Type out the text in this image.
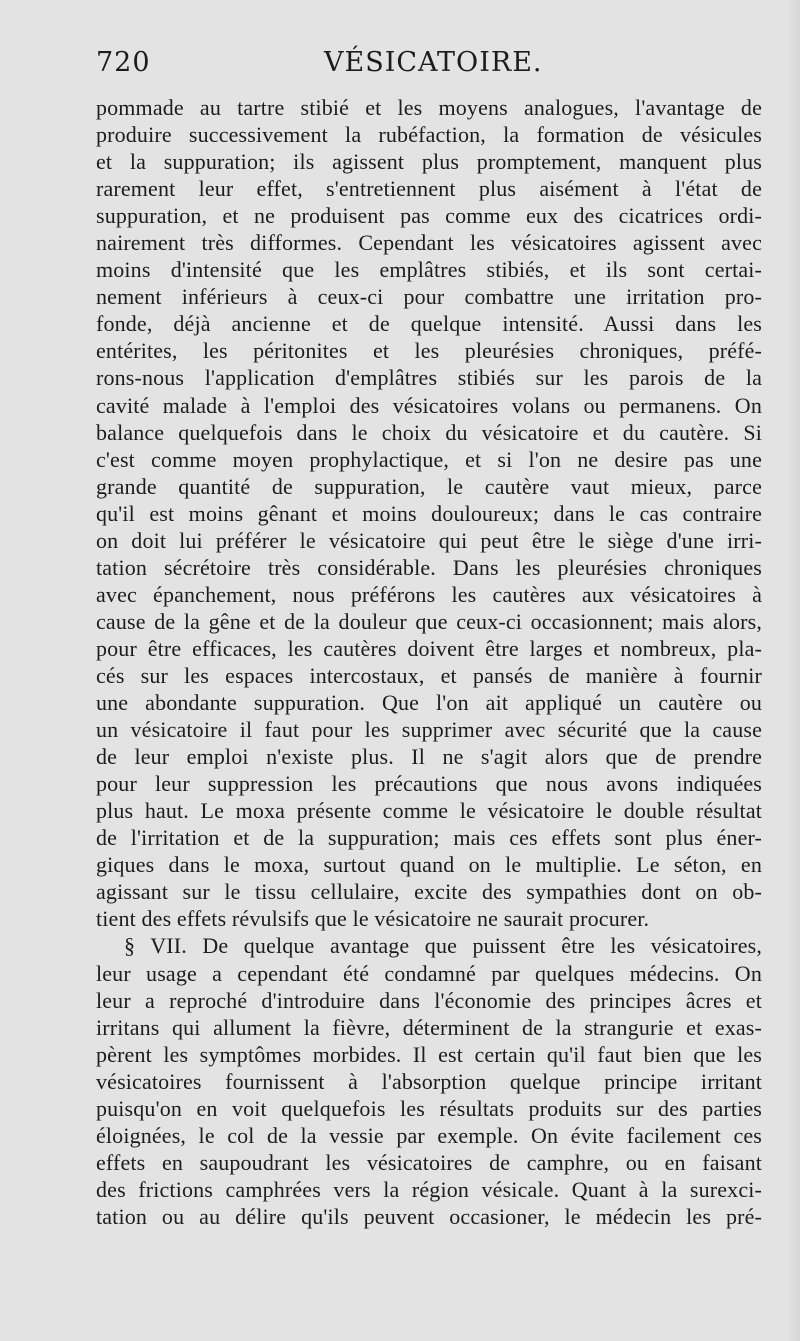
720	VÉSICATOIRE.
pommade au tartre stibié et les moyens analogues, l'avantage de
produire successivement la rubéfaction, la formation de vésicules
et la suppuration; ils agissent plus promptement, manquent plus
rarement leur effet, s'entretiennent plus aisément à l'état de
suppuration, et ne produisent pas comme eux des cicatrices ordi-
nairement très difformes. Cependant les vésicatoires agissent avec
moins d'intensité que les emplâtres stibiés, et ils sont certai-
nement inférieurs à ceux-ci pour combattre une irritation pro-
fonde, déjà ancienne et de quelque intensité. Aussi dans les
entérites, les péritonites et les pleurésies chroniques, préfé-
rons-nous l'application d'emplâtres stibiés sur les parois de la
cavité malade à l'emploi des vésicatoires volans ou permanens. On
balance quelquefois dans le choix du vésicatoire et du cautère. Si
c'est comme moyen prophylactique, et si l'on ne desire pas une
grande quantité de suppuration, le cautère vaut mieux, parce
qu'il est moins gênant et moins douloureux; dans le cas contraire
on doit lui préférer le vésicatoire qui peut être le siège d'une irri-
tation sécrétoire très considérable. Dans les pleurésies chroniques
avec épanchement, nous préférons les cautères aux vésicatoires à
cause de la gêne et de la douleur que ceux-ci occasionnent; mais alors,
pour être efficaces, les cautères doivent être larges et nombreux, pla-
cés sur les espaces intercostaux, et pansés de manière à fournir
une abondante suppuration. Que l'on ait appliqué un cautère ou
un vésicatoire il faut pour les supprimer avec sécurité que la cause
de leur emploi n'existe plus. Il ne s'agit alors que de prendre
pour leur suppression les précautions que nous avons indiquées
plus haut. Le moxa présente comme le vésicatoire le double résultat
de l'irritation et de la suppuration; mais ces effets sont plus éner-
giques dans le moxa, surtout quand on le multiplie. Le séton, en
agissant sur le tissu cellulaire, excite des sympathies dont on ob-
tient des effets révulsifs que le vésicatoire ne saurait procurer.
§ VII. De quelque avantage que puissent être les vésicatoires,
leur usage a cependant été condamné par quelques médecins. On
leur a reproché d'introduire dans l'économie des principes âcres et
irritans qui allument la fièvre, déterminent de la strangurie et exas-
pèrent les symptômes morbides. Il est certain qu'il faut bien que les
vésicatoires fournissent à l'absorption quelque principe irritant
puisqu'on en voit quelquefois les résultats produits sur des parties
éloignées, le col de la vessie par exemple. On évite facilement ces
effets en saupoudrant les vésicatoires de camphre, ou en faisant
des frictions camphrées vers la région vésicale. Quant à la surexci-
tation ou au délire qu'ils peuvent occasioner, le médecin les pré-
